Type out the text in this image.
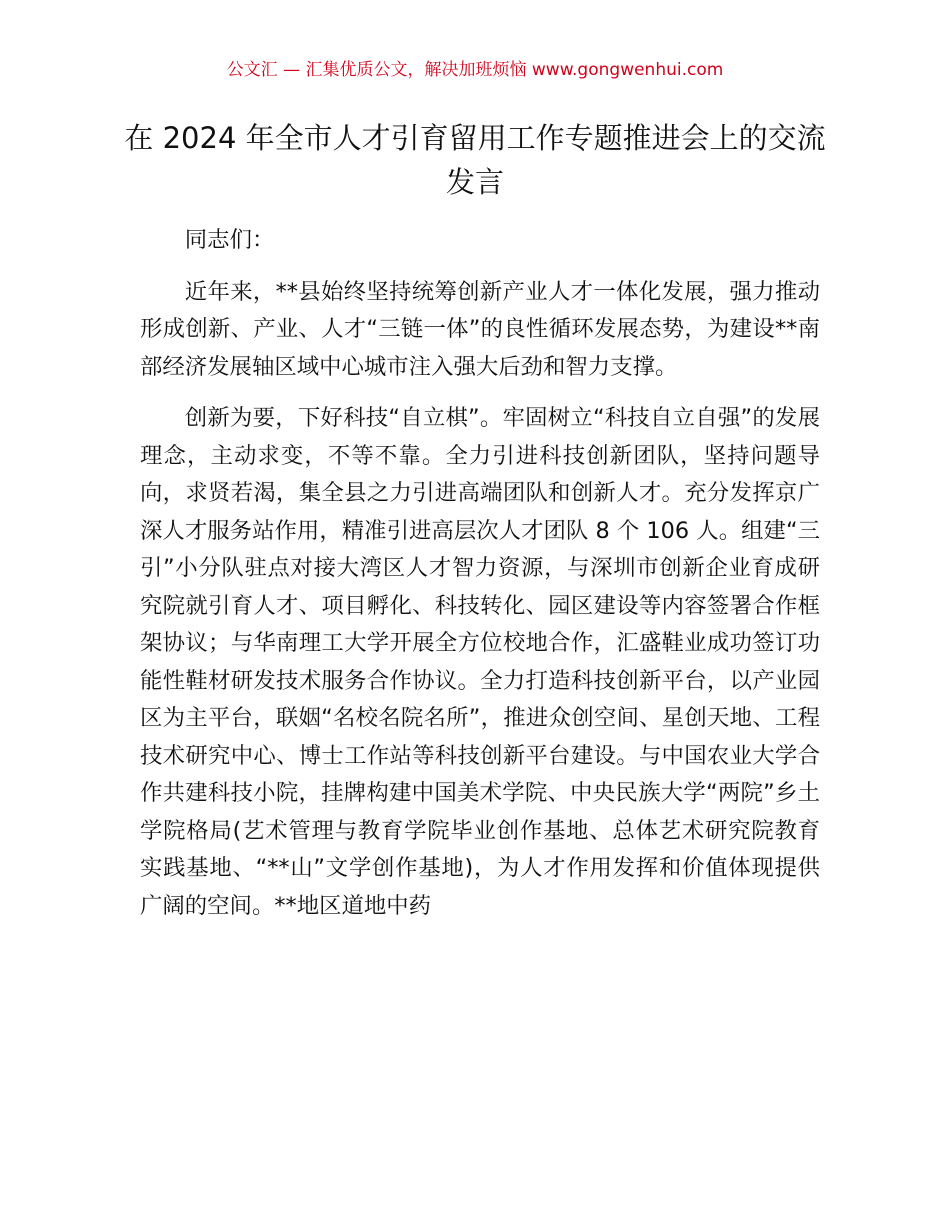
公文汇 — 汇集优质公文，解决加班烦恼 www.gongwenhui.com
在 2024 年全市人才引育留用工作专题推进会上的交流发言

同志们：

近年来，**县始终坚持统筹创新产业人才一体化发展，强力推动形成创新、产业、人才“三链一体”的良性循环发展态势，为建设**南部经济发展轴区域中心城市注入强大后劲和智力支撑。

创新为要，下好科技“自立棋”。牢固树立“科技自立自强”的发展理念，主动求变，不等不靠。全力引进科技创新团队，坚持问题导向，求贤若渴，集全县之力引进高端团队和创新人才。充分发挥京广深人才服务站作用，精准引进高层次人才团队 8 个 106 人。组建“三引”小分队驻点对接大湾区人才智力资源，与深圳市创新企业育成研究院就引育人才、项目孵化、科技转化、园区建设等内容签署合作框架协议；与华南理工大学开展全方位校地合作，汇盛鞋业成功签订功能性鞋材研发技术服务合作协议。全力打造科技创新平台，以产业园区为主平台，联姻“名校名院名所”，推进众创空间、星创天地、工程技术研究中心、博士工作站等科技创新平台建设。与中国农业大学合作共建科技小院，挂牌构建中国美术学院、中央民族大学“两院”乡土学院格局(艺术管理与教育学院毕业创作基地、总体艺术研究院教育实践基地、“**山”文学创作基地)，为人才作用发挥和价值体现提供广阔的空间。**地区道地中药
